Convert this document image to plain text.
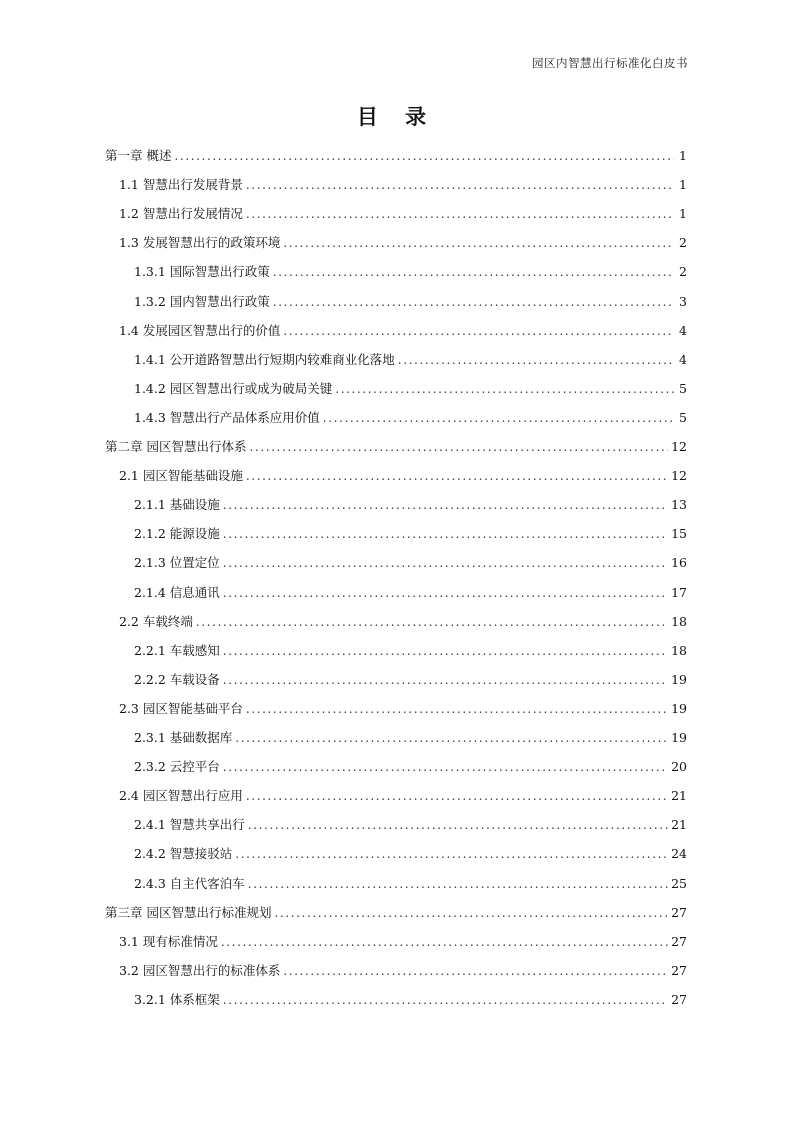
园区内智慧出行标准化白皮书
目 录
第一章 概述 .....	1
1.1 智慧出行发展背景 .....	1
1.2 智慧出行发展情况 .....	1
1.3 发展智慧出行的政策环境 .....	2
1.3.1 国际智慧出行政策 .....	2
1.3.2 国内智慧出行政策 .....	3
1.4 发展园区智慧出行的价值 .....	4
1.4.1 公开道路智慧出行短期内较难商业化落地 .....	4
1.4.2 园区智慧出行或成为破局关键 .....	5
1.4.3 智慧出行产品体系应用价值 .....	5
第二章 园区智慧出行体系 .....	12
2.1 园区智能基础设施 .....	12
2.1.1 基础设施 .....	13
2.1.2 能源设施 .....	15
2.1.3 位置定位 .....	16
2.1.4 信息通讯 .....	17
2.2 车载终端 .....	18
2.2.1 车载感知 .....	18
2.2.2 车载设备 .....	19
2.3 园区智能基础平台 .....	19
2.3.1 基础数据库 .....	19
2.3.2 云控平台 .....	20
2.4 园区智慧出行应用 .....	21
2.4.1 智慧共享出行 .....	21
2.4.2 智慧接驳站 .....	24
2.4.3 自主代客泊车 .....	25
第三章 园区智慧出行标准规划 .....	27
3.1 现有标准情况 .....	27
3.2 园区智慧出行的标准体系 .....	27
3.2.1 体系框架 .....	27
